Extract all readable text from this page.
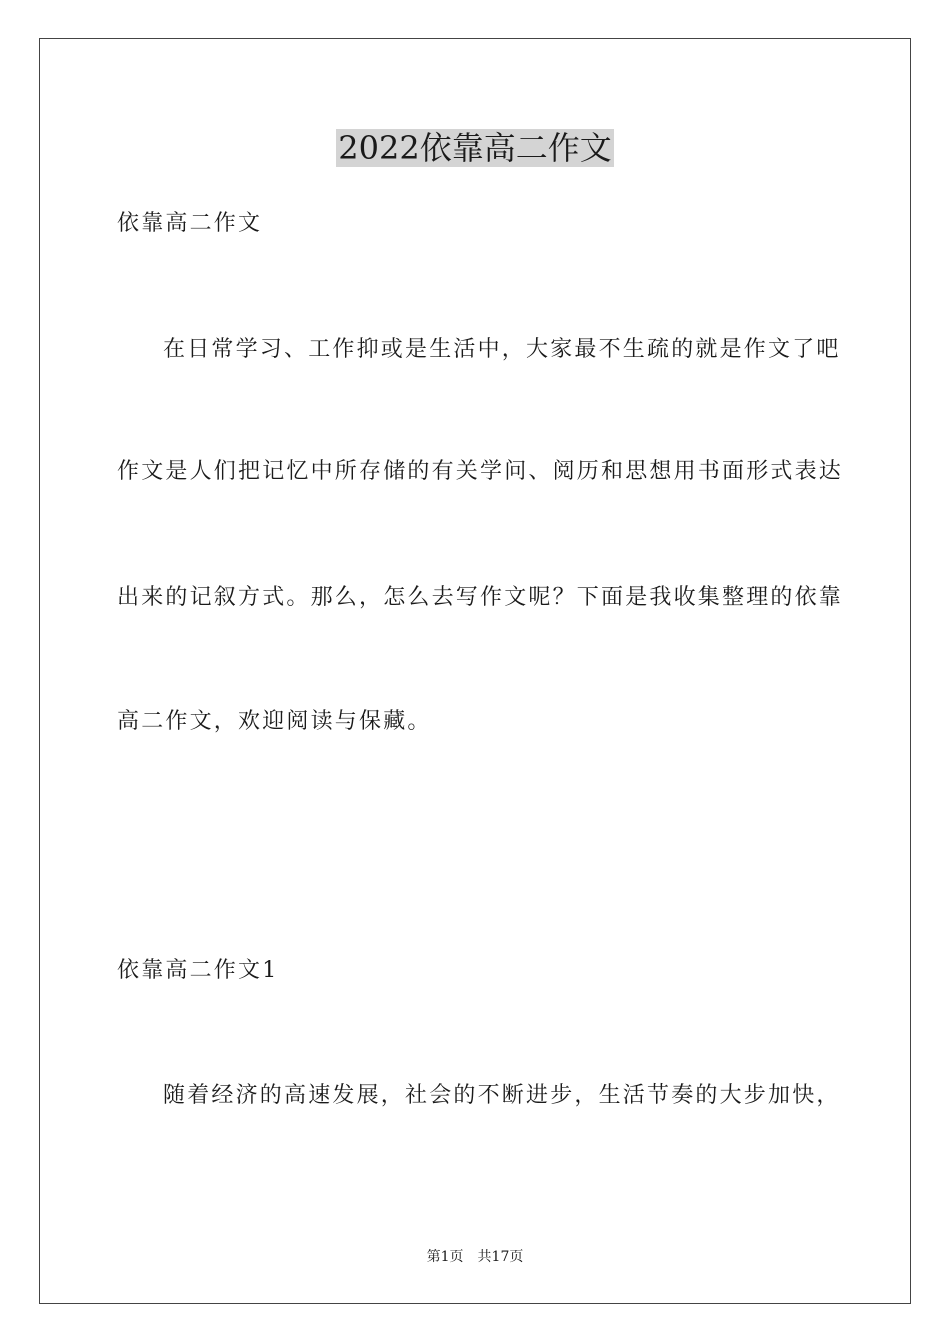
2022依靠高二作文
依靠高二作文
在日常学习、工作抑或是生活中，大家最不生疏的就是作文了吧
作文是人们把记忆中所存储的有关学问、阅历和思想用书面形式表达
出来的记叙方式。那么，怎么去写作文呢？下面是我收集整理的依靠
高二作文，欢迎阅读与保藏。
依靠高二作文1
随着经济的高速发展，社会的不断进步，生活节奏的大步加快，
第1页 共17页
